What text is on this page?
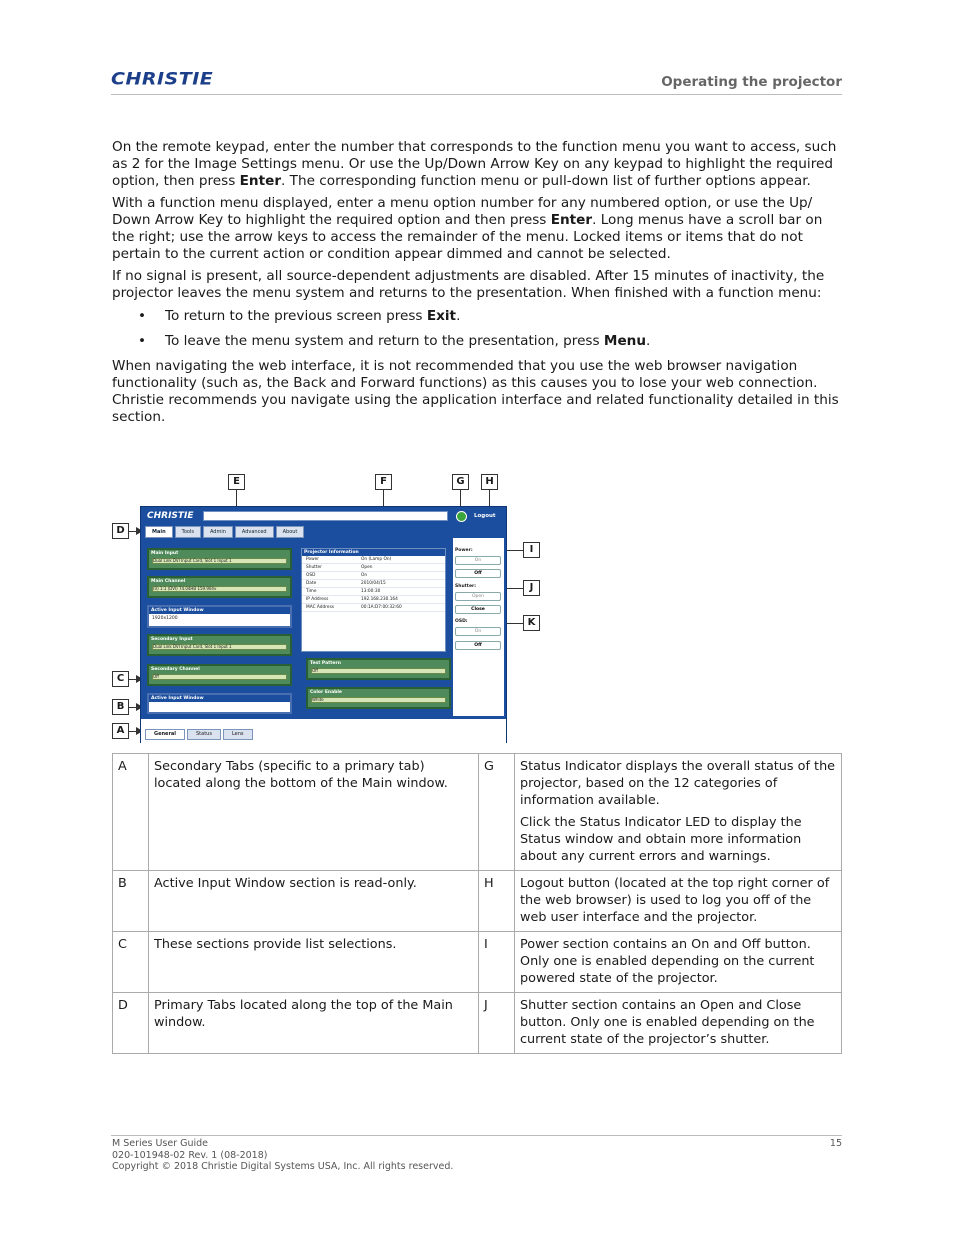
CHRISTIE	Operating the projector

On the remote keypad, enter the number that corresponds to the function menu you want to access, such as 2 for the Image Settings menu. Or use the Up/Down Arrow Key on any keypad to highlight the required option, then press Enter. The corresponding function menu or pull-down list of further options appear.

With a function menu displayed, enter a menu option number for any numbered option, or use the Up/ Down Arrow Key to highlight the required option and then press Enter. Long menus have a scroll bar on the right; use the arrow keys to access the remainder of the menu. Locked items or items that do not pertain to the current action or condition appear dimmed and cannot be selected.

If no signal is present, all source-dependent adjustments are disabled. After 15 minutes of inactivity, the projector leaves the menu system and returns to the presentation. When finished with a function menu:

• To return to the previous screen press Exit.
• To leave the menu system and return to the presentation, press Menu.

When navigating the web interface, it is not recommended that you use the web browser navigation functionality (such as, the Back and Forward functions) as this causes you to lose your web connection. Christie recommends you navigate using the application interface and related functionality detailed in this section.

E	F	G	H
D
C
B
A
I
J
K
CHRISTIE	Logout
Main	Tools	Admin	Advanced	About
Main Input
Dual Link DVI Input Card, Slot 1 Input 1
Main Channel
(0) 1:1 (DVI) 74.04HB 159.904v
Active Input Window
1920x1200
Secondary Input
Dual Link DVI Input Card, Slot 1 Input 1
Secondary Channel
Off
Active Input Window
Projector Information
Power	On (Lamp On)
Shutter	Open
OSD	On
Date	2010/04/15
Time	13:00:30
IP Address	192.168.230.164
MAC Address	00:1A:D7:00:32:60
Test Pattern
Off
Color Enable
White
Power:
On
Off
Shutter:
Open
Close
OSD:
On
Off
General	Status	Lens
A	Secondary Tabs (specific to a primary tab) located along the bottom of the Main window.	G	Status Indicator displays the overall status of the projector, based on the 12 categories of information available.

Click the Status Indicator LED to display the Status window and obtain more information about any current errors and warnings.

B	Active Input Window section is read-only.	H	Logout button (located at the top right corner of the web browser) is used to log you off of the web user interface and the projector.

C	These sections provide list selections.	I	Power section contains an On and Off button. Only one is enabled depending on the current powered state of the projector.

D	Primary Tabs located along the top of the Main window.	J	Shutter section contains an Open and Close button. Only one is enabled depending on the current state of the projector’s shutter.

M Series User Guide
020-101948-02 Rev. 1 (08-2018)
Copyright © 2018 Christie Digital Systems USA, Inc. All rights reserved.
15
